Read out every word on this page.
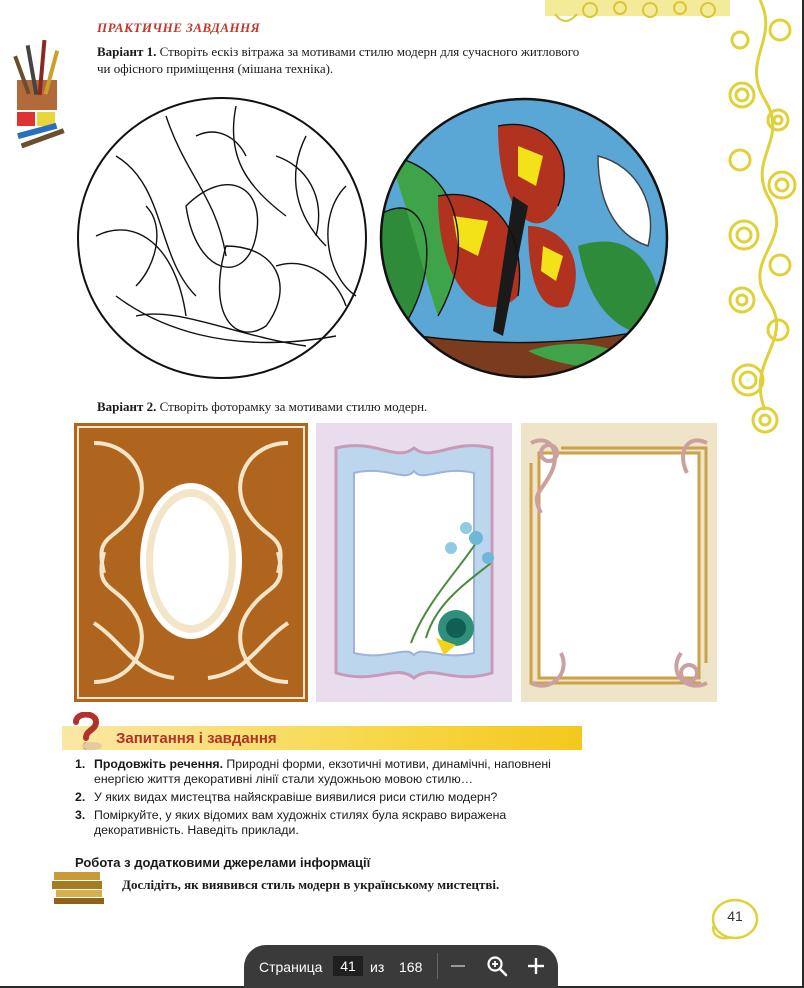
ПРАКТИЧНЕ ЗАВДАННЯ
Варіант 1. Створіть ескіз вітража за мотивами стилю модерн для сучасного житлового чи офісного приміщення (мішана техніка).
Варіант 2. Створіть фоторамку за мотивами стилю модерн.
Запитання і завдання
1. Продовжіть речення. Природні форми, екзотичні мотиви, динамічні, наповнені енергією життя декоративні лінії стали художньою мовою стилю…
2. У яких видах мистецтва найяскравіше виявилися риси стилю модерн?
3. Поміркуйте, у яких відомих вам художніх стилях була яскраво виражена декоративність. Наведіть приклади.
Робота з додатковими джерелами інформації
Дослідіть, як виявився стиль модерн в українському мистецтві.
41
Страница
41	из 168
